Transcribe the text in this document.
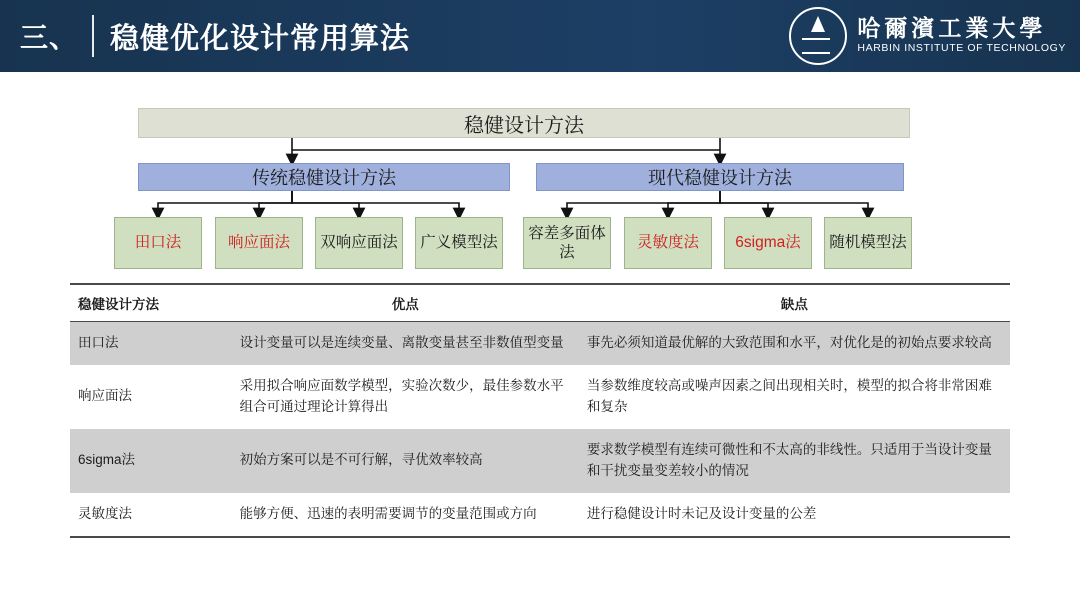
三、 稳健优化设计常用算法	哈爾濱工業大學
HARBIN INSTITUTE OF TECHNOLOGY
稳健设计方法
传统稳健设计方法	现代稳健设计方法
田口法	响应面法	双响应面法	广义模型法
容差多面体法
灵敏度法	6sigma法	随机模型法
稳健设计方法	优点	缺点
田口法	设计变量可以是连续变量、离散变量甚至非数值型变量	事先必须知道最优解的大致范围和水平，对优化是的初始点要求较高
响应面法	采用拟合响应面数学模型，实验次数少，最佳参数水平组合可通过理论计算得出	当参数维度较高或噪声因素之间出现相关时，模型的拟合将非常困难和复杂
6sigma法	初始方案可以是不可行解，寻优效率较高	要求数学模型有连续可微性和不太高的非线性。只适用于当设计变量和干扰变量变差较小的情况
灵敏度法	能够方便、迅速的表明需要调节的变量范围或方向	进行稳健设计时未记及设计变量的公差
